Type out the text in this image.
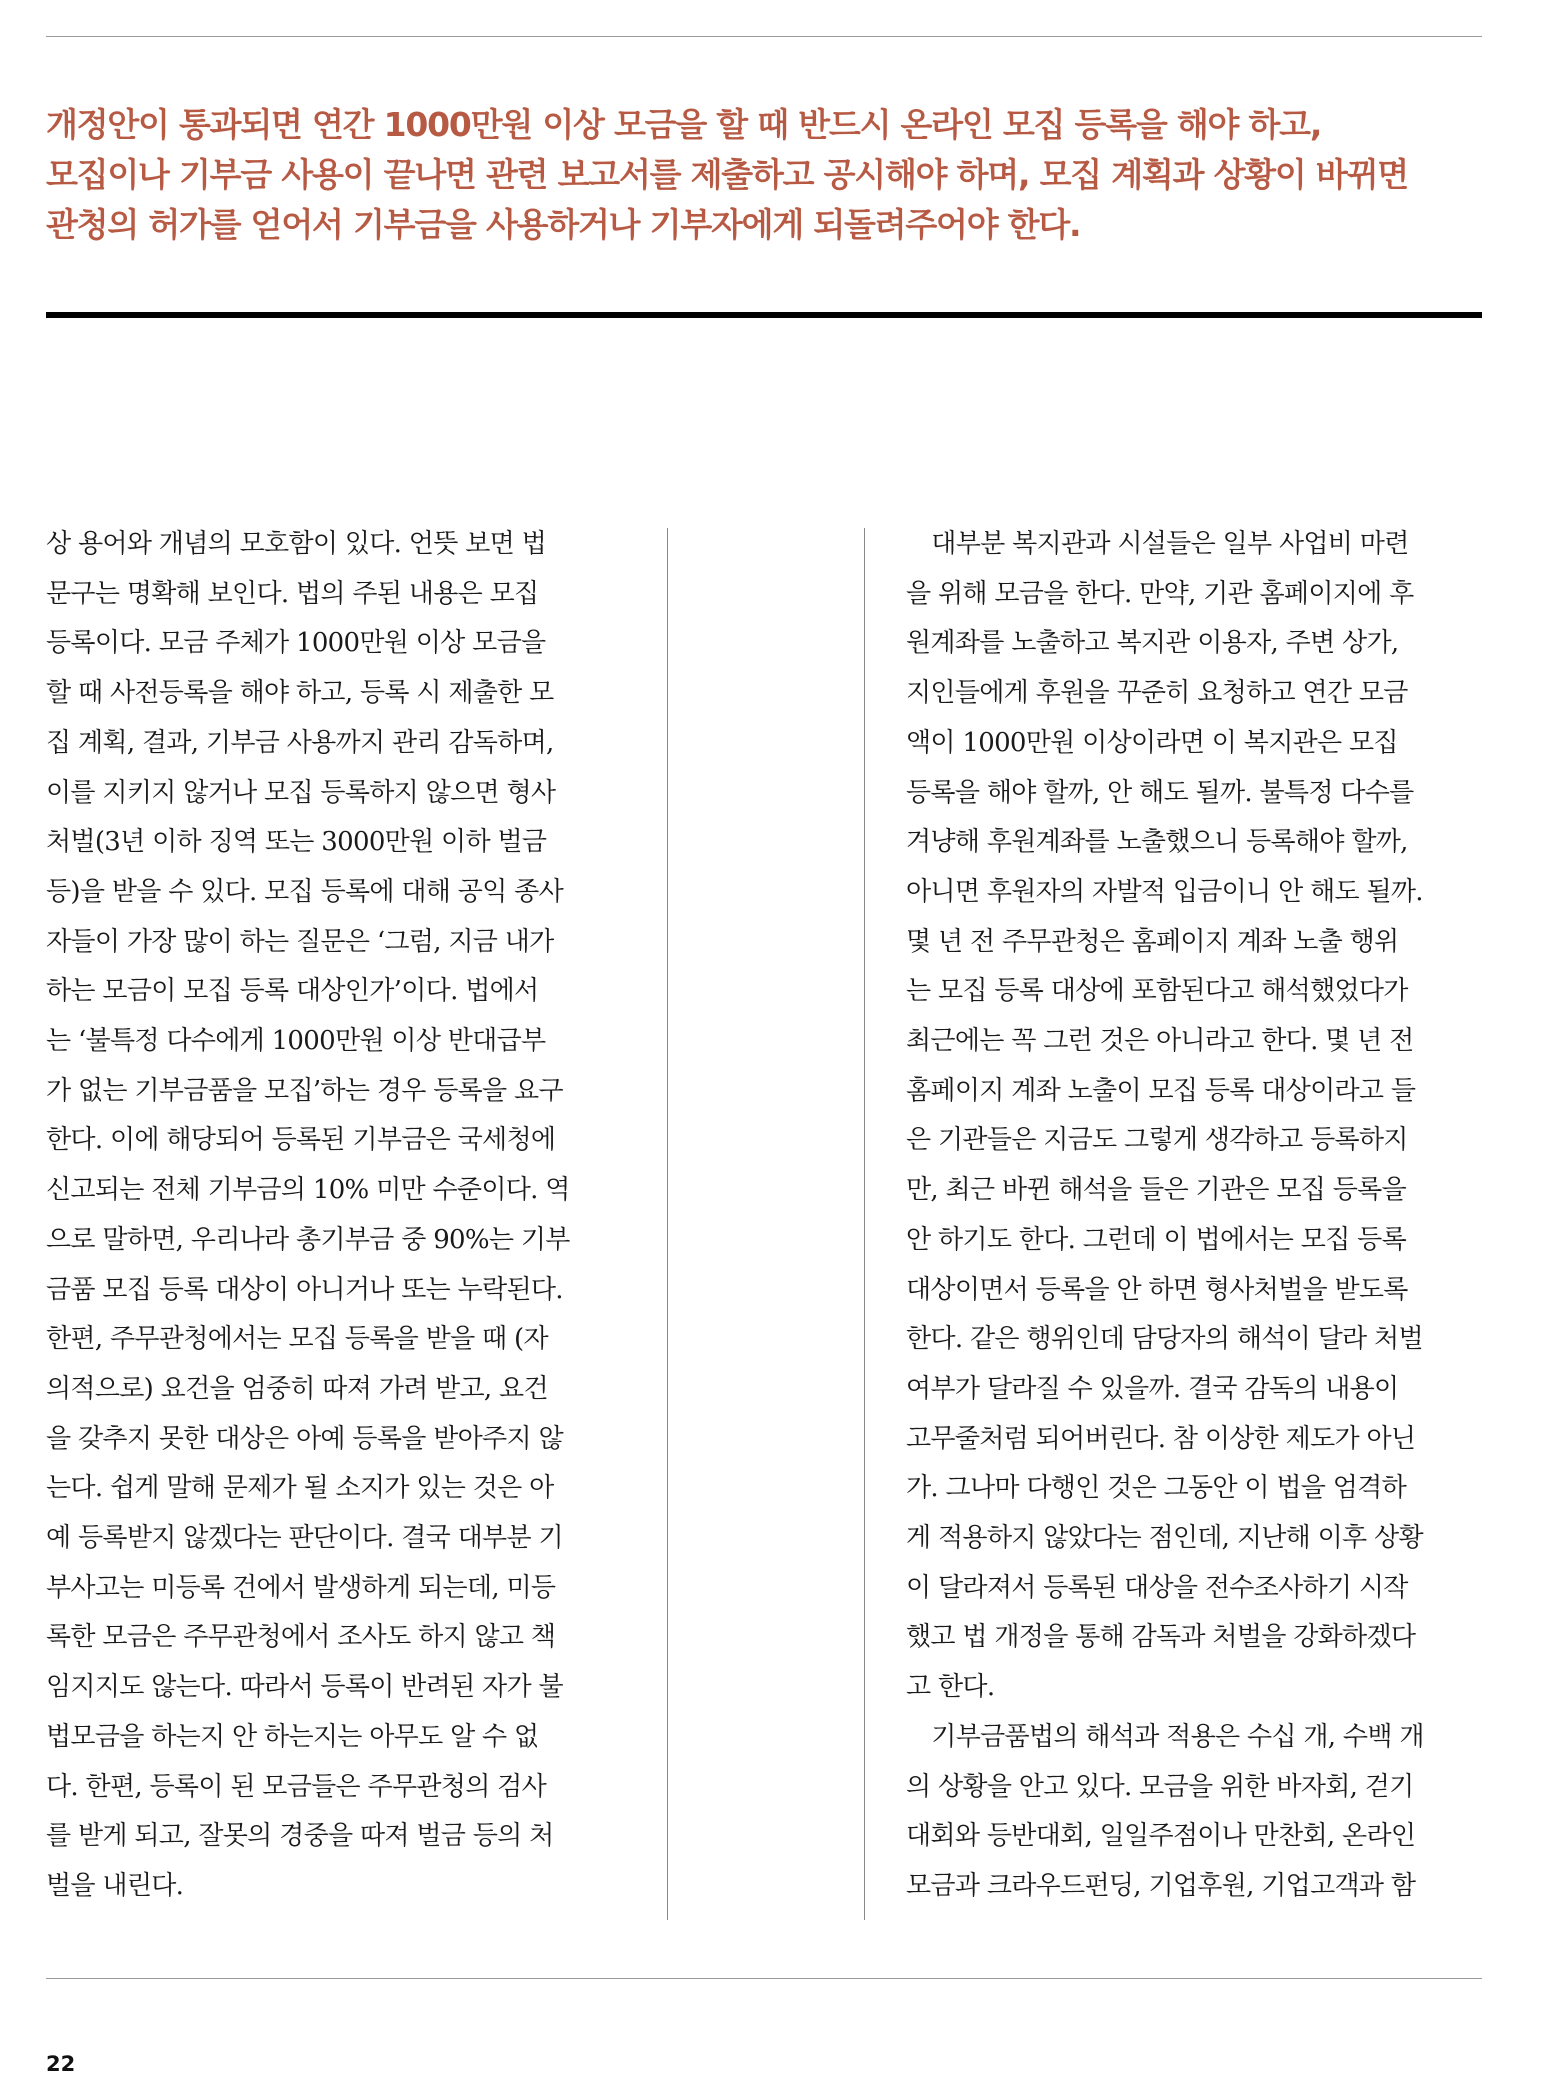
개정안이 통과되면 연간 1000만원 이상 모금을 할 때 반드시 온라인 모집 등록을 해야 하고,
모집이나 기부금 사용이 끝나면 관련 보고서를 제출하고 공시해야 하며, 모집 계획과 상황이 바뀌면
관청의 허가를 얻어서 기부금을 사용하거나 기부자에게 되돌려주어야 한다.
상 용어와 개념의 모호함이 있다. 언뜻 보면 법
문구는 명확해 보인다. 법의 주된 내용은 모집
등록이다. 모금 주체가 1000만원 이상 모금을
할 때 사전등록을 해야 하고, 등록 시 제출한 모
집 계획, 결과, 기부금 사용까지 관리 감독하며,
이를 지키지 않거나 모집 등록하지 않으면 형사
처벌(3년 이하 징역 또는 3000만원 이하 벌금
등)을 받을 수 있다. 모집 등록에 대해 공익 종사
자들이 가장 많이 하는 질문은 ‘그럼, 지금 내가
하는 모금이 모집 등록 대상인가’이다. 법에서
는 ‘불특정 다수에게 1000만원 이상 반대급부
가 없는 기부금품을 모집’하는 경우 등록을 요구
한다. 이에 해당되어 등록된 기부금은 국세청에
신고되는 전체 기부금의 10% 미만 수준이다. 역
으로 말하면, 우리나라 총기부금 중 90%는 기부
금품 모집 등록 대상이 아니거나 또는 누락된다.
한편, 주무관청에서는 모집 등록을 받을 때 (자
의적으로) 요건을 엄중히 따져 가려 받고, 요건
을 갖추지 못한 대상은 아예 등록을 받아주지 않
는다. 쉽게 말해 문제가 될 소지가 있는 것은 아
예 등록받지 않겠다는 판단이다. 결국 대부분 기
부사고는 미등록 건에서 발생하게 되는데, 미등
록한 모금은 주무관청에서 조사도 하지 않고 책
임지지도 않는다. 따라서 등록이 반려된 자가 불
법모금을 하는지 안 하는지는 아무도 알 수 없
다. 한편, 등록이 된 모금들은 주무관청의 검사
를 받게 되고, 잘못의 경중을 따져 벌금 등의 처
벌을 내린다.
　대부분 복지관과 시설들은 일부 사업비 마련
을 위해 모금을 한다. 만약, 기관 홈페이지에 후
원계좌를 노출하고 복지관 이용자, 주변 상가,
지인들에게 후원을 꾸준히 요청하고 연간 모금
액이 1000만원 이상이라면 이 복지관은 모집
등록을 해야 할까, 안 해도 될까. 불특정 다수를
겨냥해 후원계좌를 노출했으니 등록해야 할까,
아니면 후원자의 자발적 입금이니 안 해도 될까.
몇 년 전 주무관청은 홈페이지 계좌 노출 행위
는 모집 등록 대상에 포함된다고 해석했었다가
최근에는 꼭 그런 것은 아니라고 한다. 몇 년 전
홈페이지 계좌 노출이 모집 등록 대상이라고 들
은 기관들은 지금도 그렇게 생각하고 등록하지
만, 최근 바뀐 해석을 들은 기관은 모집 등록을
안 하기도 한다. 그런데 이 법에서는 모집 등록
대상이면서 등록을 안 하면 형사처벌을 받도록
한다. 같은 행위인데 담당자의 해석이 달라 처벌
여부가 달라질 수 있을까. 결국 감독의 내용이
고무줄처럼 되어버린다. 참 이상한 제도가 아닌
가. 그나마 다행인 것은 그동안 이 법을 엄격하
게 적용하지 않았다는 점인데, 지난해 이후 상황
이 달라져서 등록된 대상을 전수조사하기 시작
했고 법 개정을 통해 감독과 처벌을 강화하겠다
고 한다.
　기부금품법의 해석과 적용은 수십 개, 수백 개
의 상황을 안고 있다. 모금을 위한 바자회, 걷기
대회와 등반대회, 일일주점이나 만찬회, 온라인
모금과 크라우드펀딩, 기업후원, 기업고객과 함
22
